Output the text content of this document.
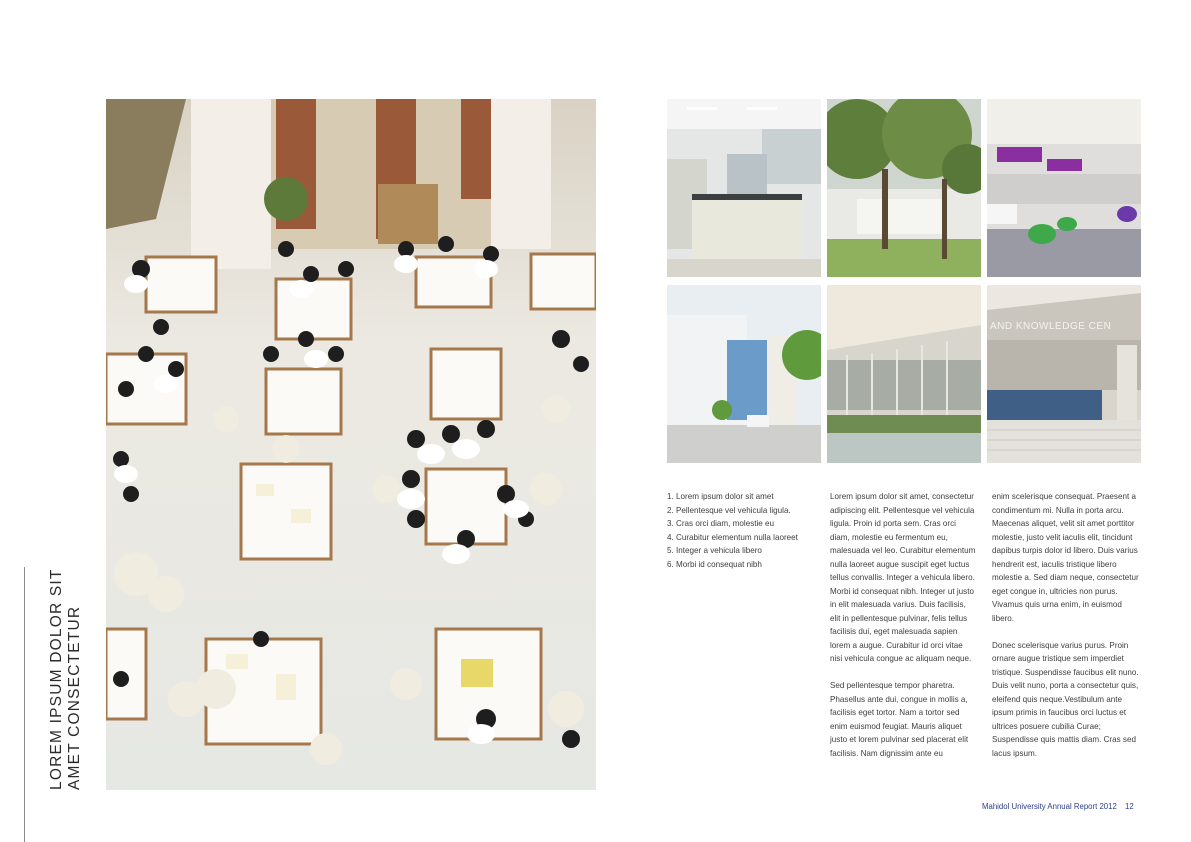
LOREM IPSUM DOLOR SIT AMET CONSECTETUR
AND KNOWLEDGE CEN
1. Lorem ipsum dolor sit amet
2. Pellentesque vel vehicula ligula.
3. Cras orci diam, molestie eu
4. Curabitur elementum nulla laoreet
5. Integer a vehicula libero
6. Morbi id consequat nibh

Lorem ipsum dolor sit amet, consectetur adipiscing elit. Pellentesque vel vehicula ligula. Proin id porta sem. Cras orci diam, molestie eu fermentum eu, malesuada vel leo. Curabitur elementum nulla laoreet augue suscipit eget luctus tellus convallis. Integer a vehicula libero. Morbi id consequat nibh. Integer ut justo in elit malesuada varius. Duis facilisis, elit in pellentesque pulvinar, felis tellus facilisis dui, eget malesuada sapien lorem a augue. Curabitur id orci vitae nisi vehicula congue ac aliquam neque.

Sed pellentesque tempor pharetra. Phasellus ante dui, congue in mollis a, facilisis eget tortor. Nam a tortor sed enim euismod feugiat. Mauris aliquet justo et lorem pulvinar sed placerat elit facilisis. Nam dignissim ante eu

enim scelerisque consequat. Praesent a condimentum mi. Nulla in porta arcu. Maecenas aliquet, velit sit amet porttitor molestie, justo velit iaculis elit, tincidunt dapibus turpis dolor id libero. Duis varius hendrerit est, iaculis tristique libero molestie a. Sed diam neque, consectetur eget congue in, ultricies non purus. Vivamus quis urna enim, in euismod libero.

Donec scelerisque varius purus. Proin ornare augue tristique sem imperdiet tristique. Suspendisse faucibus elit nuno. Duis velit nuno, porta a consectetur quis, eleifend quis neque.Vestibulum ante ipsum primis in faucibus orci luctus et ultrices posuere cubilia Curae; Suspendisse quis mattis diam. Cras sed lacus ipsum.

Mahidol University Annual Report 2012 12
